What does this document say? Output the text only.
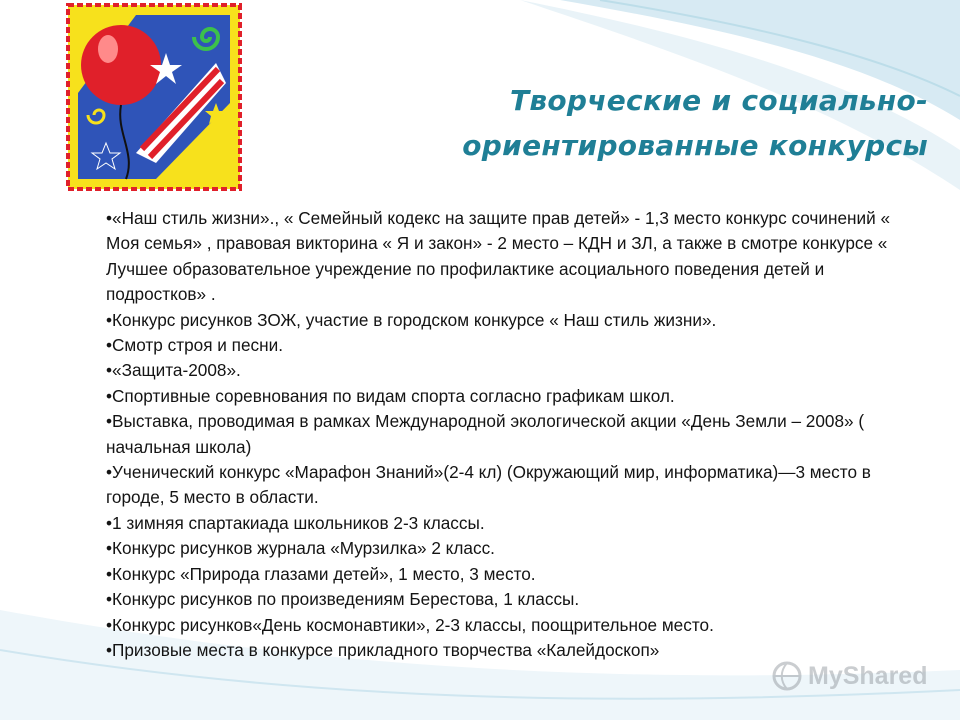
Творческие и социально-
ориентированные конкурсы
•«Наш стиль жизни»., « Семейный кодекс на защите прав детей» - 1,3 место конкурс сочинений « Моя семья» , правовая викторина « Я и закон» - 2 место – КДН и ЗЛ, а также в смотре конкурсе « Лучшее образовательное учреждение по профилактике асоциального поведения детей и подростков» .
•Конкурс рисунков ЗОЖ, участие в городском конкурсе « Наш стиль жизни».
•Смотр строя и песни.
•«Защита-2008».
•Спортивные соревнования по видам спорта согласно графикам школ.
•Выставка, проводимая в рамках Международной экологической акции «День Земли – 2008» ( начальная школа)
•Ученический конкурс «Марафон Знаний»(2-4 кл) (Окружающий мир, информатика)—3 место в городе, 5 место в области.
•1 зимняя спартакиада школьников 2-3 классы.
•Конкурс рисунков журнала «Мурзилка» 2 класс.
•Конкурс «Природа глазами детей», 1 место, 3 место.
•Конкурс рисунков по произведениям Берестова, 1 классы.
•Конкурс рисунков«День космонавтики», 2-3 классы, поощрительное место.
•Призовые места в конкурсе прикладного творчества «Калейдоскоп»
MyShared
